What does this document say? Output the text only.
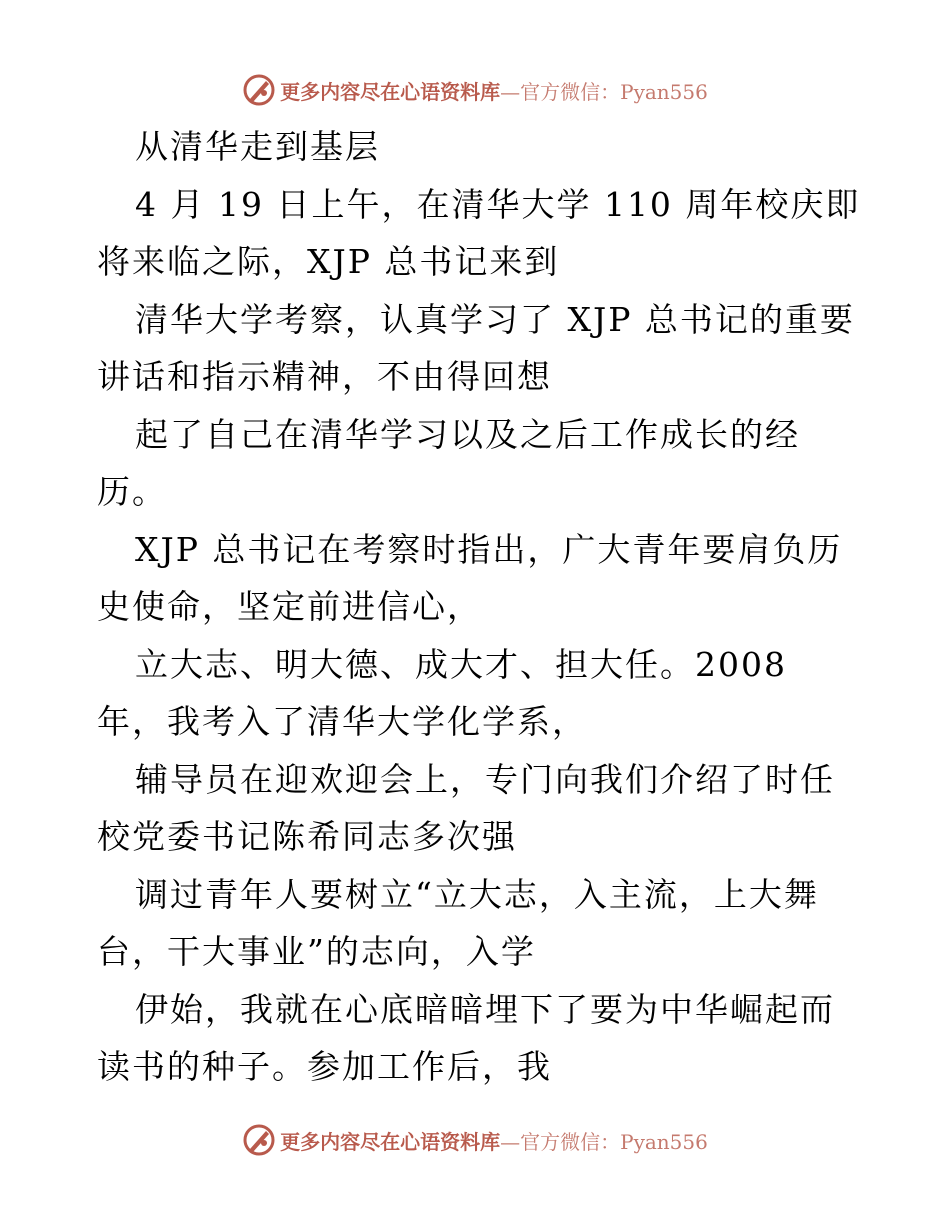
更多内容尽在心语资料库—官方微信：Pyan556

从清华走到基层

4 月 19 日上午，在清华大学 110 周年校庆即将来临之际，XJP 总书记来到

清华大学考察，认真学习了 XJP 总书记的重要讲话和指示精神，不由得回想

起了自己在清华学习以及之后工作成长的经历。

XJP 总书记在考察时指出，广大青年要肩负历史使命，坚定前进信心，

立大志、明大德、成大才、担大任。2008 年，我考入了清华大学化学系，

辅导员在迎欢迎会上，专门向我们介绍了时任校党委书记陈希同志多次强

调过青年人要树立“立大志，入主流，上大舞台，干大事业”的志向，入学

伊始，我就在心底暗暗埋下了要为中华崛起而读书的种子。参加工作后，我

更多内容尽在心语资料库—官方微信：Pyan556
